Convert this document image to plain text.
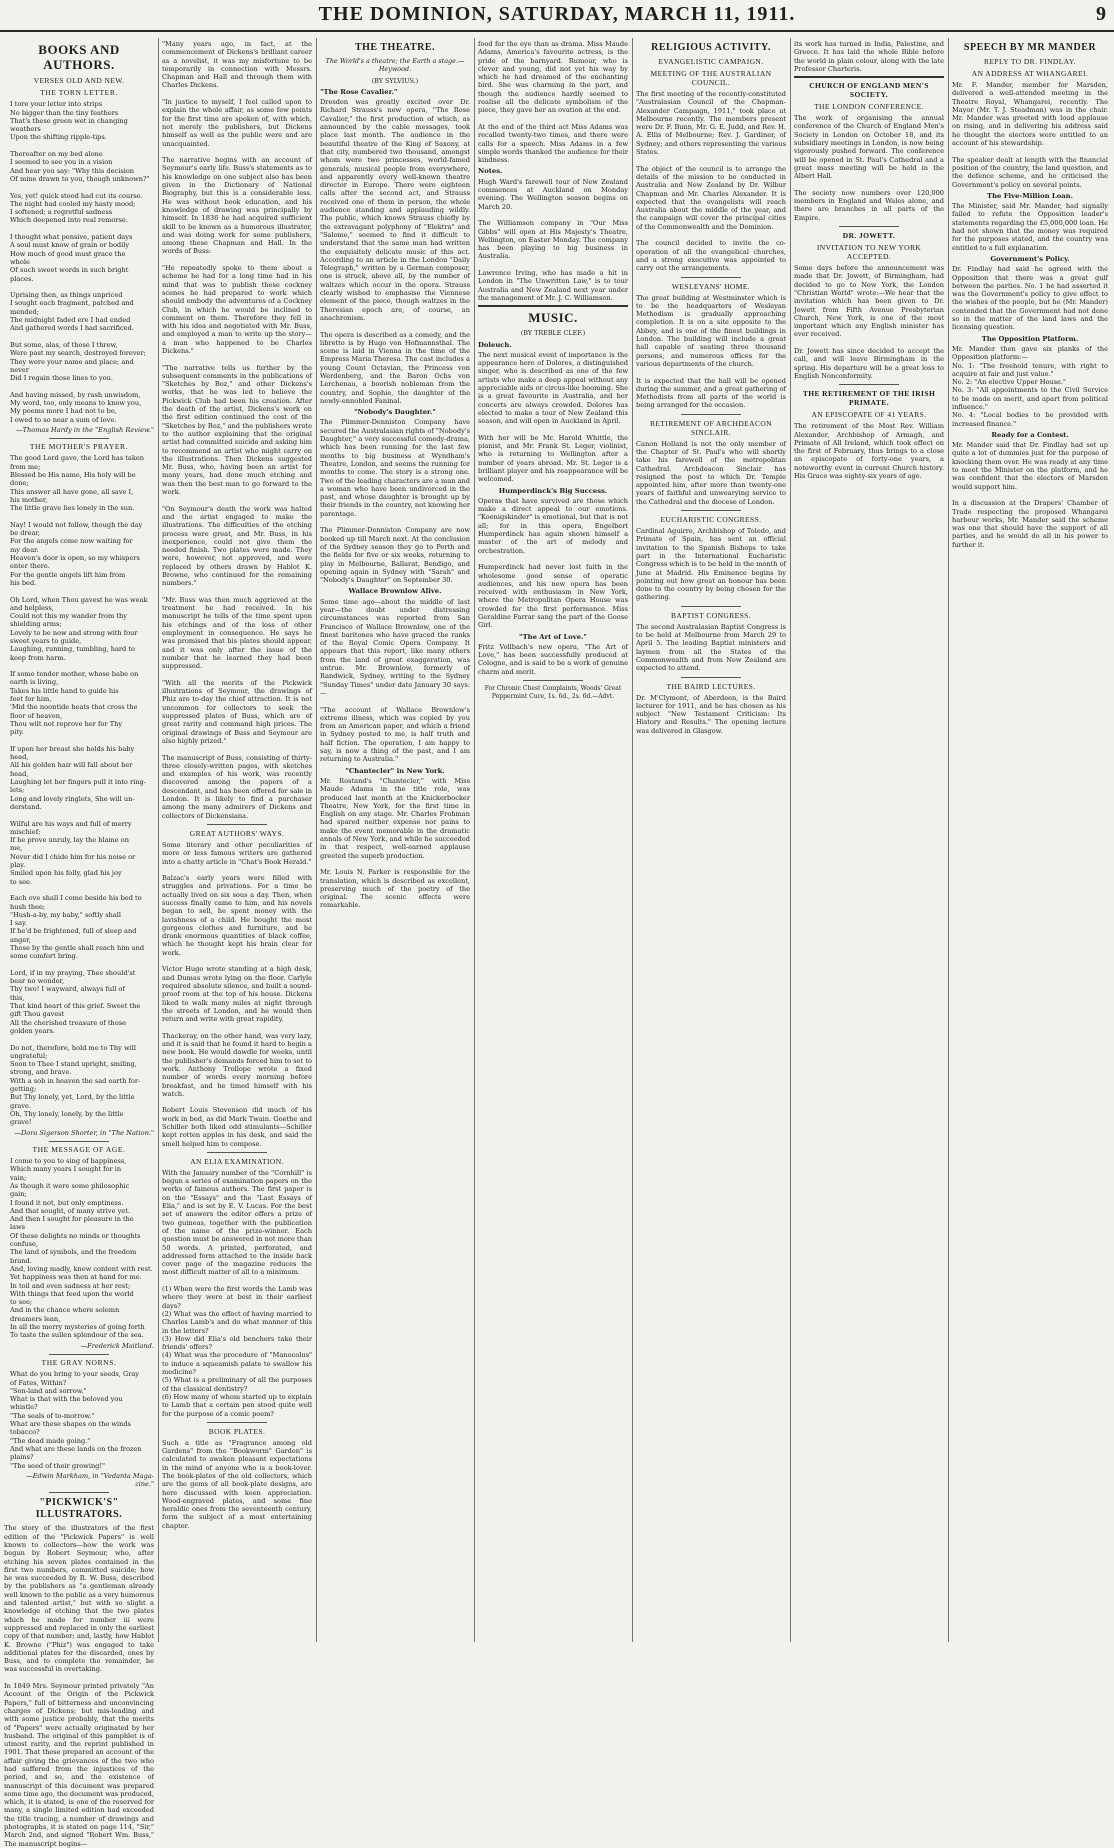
THE DOMINION, SATURDAY, MARCH 11, 1911.	9
BOOKS AND AUTHORS.
VERSES OLD AND NEW.
THE TORN LETTER.
I tore your letter into strips
No bigger than the tiny feathers
That's these green wet in changing
weathers
Upon the shifting ripple-tips.

Thereafter on my bed alone
I seemed to see you in a vision
And hear you say: "Why this decision
Of mine drawn to you, though unknown?"

Yes, yet! quick stood had cut its course.
The night had cooled my hasty mood;
I softened; a regretful sadness
Which deepened into real remorse.

I thought what pensive, patient days
A soul must know of grain or bodily
How much of good must grace the
whole
Of such sweet words in such bright
places.

Uprising then, as things unpriced
I sought each fragment, patched and
mended;
The midnight faded ere I had ended
And gathered words I had sacrificed.

But some, alas, of those I threw,
Were past my search, destroyed forever;
They were your name and place; and
never
Did I regain those lines to you.

And having missed, by rash unwisdom,
My word, too, only means to know you,
My poems more I had not to be,
I owed to so near a sum of love.
—Thomas Hardy in the "English Review."
THE MOTHER'S PRAYER.
The good Lord gave, the Lord has taken
from me;
Blessed be His name, His holy will be
done;
This answer all have gone, all save I,
his mother,
The little grave lies lonely in the sun.

Nay! I would not follow, though the day
be drear,
For the angels come now waiting for
my dear.
Heaven's door is open, so my whispers
enter there.
For the gentle angels lift him from
his bed.

Oh Lord, when Thou gavest he was weak
and helpless,
Could not this my wander from thy
shielding arms;
Lovely to be now and strong with four
sweet years to guide,
Laughing, running, tumbling, hard to
keep from harm.

If some tender mother, whose babe on
earth is living,
Takes his little hand to guide his
feet for him,
'Mid the noontide heats that cross the
floor of heaven,
Thou wilt not reprove her for Thy
pity.

If upon her breast she holds his baby
head,
All his golden hair will fall about her
head,
Laughing let her fingers pull it into ring-
lets;
Long and lovely ringlets, She will un-
derstand.

Wilful are his ways and full of merry
mischief;
If he prove unruly, lay the blame on
me,
Never did I chide him for his noise or
play.
Smiled upon his folly, glad his joy
to see.

Each eve shall I come beside his bed to
hush thee;
"Hush-a-by, my baby," softly shall
I say.
If he'd be frightened, full of sleep and
anger,
Those by the gentle shall reach him and
some comfort bring.

Lord, if in my praying, Thee should'st
bear no wonder,
Thy two! I wayward, always full of
this,
That kind heart of this grief. Sweet the
gift Thou gavest
All the cherished treasure of those
golden years.

Do not, therefore, hold me to Thy will
ungrateful;
Soon to Thee I stand upright, smiling,
strong, and brave.
With a sob in heaven the sad earth for-
getting;
But Thy lonely, yet, Lord, by the little
grave.
Oh, Thy lonely, lonely, by the little
grave!
—Dora Sigerson Shorter, in "The Nation."
THE MESSAGE OF AGE.
I come to you to sing of happiness,
Which many years I sought for in
vain;
As though it were some philosophic
gain;
I found it not, but only emptiness.
And that sought, of many strive yet.
And then I sought for pleasure in the
laws
Of these delights no minds or thoughts
confuse,
The land of symbols, and the freedom
brand.
And, loving madly, knew content with rest.
Yet happiness was then at hand for me.
In toil and even sadness at her rest;
With things that feed upon the world
to see;
And in the chance where solemn
dreamers lean,
In all the merry mysteries of going forth
To taste the sullen splendour of the sea.
—Frederick Maitland.
THE GRAY NORNS.
What do you bring to your seeds, Gray
of Fates, Within?
"Son-land and sorrow."
What is that with the beloved you
whistle?
"The seals of to-morrow."
What are these shapes on the winds
tobacco?
"The dead made going."
And what are these lands on the frozen
plains?
"The seed of their growing!"
—Edwin Markham, in "Vedanta Maga-
zine."
"PICKWICK'S" ILLUSTRATORS.
The story of the illustrators of the first edition of the "Pickwick Papers" is well known to collectors—how the work was begun by Robert Seymour, who, after etching his seven plates contained in the first two numbers, committed suicide; how he was succeeded by R. W. Buss, described by the publishers as "a gentleman already well known to the public as a very humorous and talented artist," but with so slight a knowledge of etching that the two plates which he made for number iii were suppressed and replaced in only the earliest copy of that number; and, lastly, how Hablot K. Browne ("Phiz") was engaged to take additional plates for the discarded, ones by Buss, and to complete the remainder, he was successful in overtaking.

In 1849 Mrs. Seymour printed privately "An Account of the Origin of the Pickwick Papers," full of bitterness and unconvincing charges of Dickens; but mis-leading and with some justice probably, that the merits of "Papers" were actually originated by her husband. The original of this pamphlet is of utmost rarity, and the reprint published in 1901. That these prepared an account of the affair giving the grievances of the two who had suffered from the injustices of the period, and so, and the existence of manuscript of this document was prepared some time ago, the document was produced, which, it is stated, is one of the reserved for many, a single limited edition had exceeded the title tracing, a number of drawings and photographs, it is stated on page 114, "Sir," March 2nd, and signed "Robert Wm. Buss," The manuscript begins—
"Many years ago, in fact, at the commencement of Dickens's brilliant career as a novelist, it was my misfortune to be temporarily in connection with Messrs. Chapman and Hall and through them with Charles Dickens.

"In justice to myself, I feel called upon to explain the whole affair, as some few points for the first time are spoken of, with which, not merely the publishers, but Dickens himself as well as the public were and are unacquainted.

The narrative begins with an account of Seymour's early life. Buss's statements as to his knowledge on one subject also has been given in the Dictionary of National Biography, but this is a considerable less. He was without book education, and his knowledge of drawing was principally by himself. In 1836 he had acquired sufficient skill to be known as a humorous illustrator, and was doing work for some publishers, among these Chapman and Hall. In the words of Buss:

"He repeatedly spoke to them about a scheme he had for a long time had in his mind that was to publish these cockney scenes he had prepared to work which should embody the adventures of a Cockney Club, in which he would be inclined to comment on them. Therefore they fell in with his idea and negotiated with Mr. Buss, and employed a man to write up the story—a man who happened to be Charles Dickens."

"The narrative tells us further by the subsequent comments in the publications of "Sketches by Boz," and other Dickens's works, that he was led to believe the Pickwick Club had been his creation. After the death of the artist, Dickens's work on the first edition continued the cost of the "Sketches by Boz," and the publishers wrote to the author explaining that the original artist had committed suicide and asking him to recommend an artist who might carry on the illustrations. Then Dickens suggested Mr. Buss, who, having been an artist for many years, had done much etching and was then the best man to go forward to the work.

"On Seymour's death the work was halted and the artist engaged to make the illustrations. The difficulties of the etching process were great, and Mr. Buss, in his inexperience, could not give them the needed finish. Two plates were made. They were, however, not approved, and were replaced by others drawn by Hablot K. Browne, who continued for the remaining numbers."

"Mr. Buss was then much aggrieved at the treatment he had received. In his manuscript he tells of the time spent upon his etchings and of the loss of other employment in consequence. He says he was promised that his plates should appear, and it was only after the issue of the number that he learned they had been suppressed.

"With all the merits of the Pickwick illustrations of Seymour, the drawings of Phiz are to-day the chief attraction. It is not uncommon for collectors to seek the suppressed plates of Buss, which are of great rarity and command high prices. The original drawings of Buss and Seymour are also highly prized."

The manuscript of Buss, consisting of thirty-three closely-written pages, with sketches and examples of his work, was recently discovered among the papers of a descendant, and has been offered for sale in London. It is likely to find a purchaser among the many admirers of Dickens and collectors of Dickensiana.
GREAT AUTHORS' WAYS.
Some literary and other peculiarities of more or less famous writers are gathered into a chatty article in "Chat's Book Herald."

Balzac's early years were filled with struggles and privations. For a time he actually lived on six sous a day. Then, when success finally came to him, and his novels began to sell, he spent money with the lavishness of a child. He bought the most gorgeous clothes and furniture, and he drank enormous quantities of black coffee, which he thought kept his brain clear for work.

Victor Hugo wrote standing at a high desk, and Dumas wrote lying on the floor. Carlyle required absolute silence, and built a sound-proof room at the top of his house. Dickens liked to walk many miles at night through the streets of London, and he would then return and write with great rapidity.

Thackeray, on the other hand, was very lazy, and it is said that he found it hard to begin a new book. He would dawdle for weeks, until the publisher's demands forced him to set to work. Anthony Trollope wrote a fixed number of words every morning before breakfast, and he timed himself with his watch.

Robert Louis Stevenson did much of his work in bed, as did Mark Twain. Goethe and Schiller both liked odd stimulants—Schiller kept rotten apples in his desk, and said the smell helped him to compose.
AN ELIA EXAMINATION.
With the January number of the "Cornhill" is begun a series of examination papers on the works of famous authors. The first paper is on the "Essays" and the "Last Essays of Elia," and is set by E. V. Lucas. For the best set of answers the editor offers a prize of two guineas, together with the publication of the name of the prize-winner. Each question must be answered in not more than 50 words. A printed, perforated, and addressed form attached to the inside back cover page of the magazine reduces the most difficult matter of all to a minimum.

(1) When were the first words the Lamb was where they were at best in their earliest days?
(2) What was the effect of having married to Charles Lamb's and do what manner of this in the letters?
(3) How did Elia's old benchers take their friends' offers?
(4) What was the procedure of "Manocolus" to induce a squeamish palate to swallow his medicine?
(5) What is a preliminary of all the purposes of the classical dentistry?
(6) How many of whom started up to explain to Lamb that a certain pen stood quite well for the purpose of a comic poem?
BOOK PLATES.
Such a title as "Fragrance among old Gardens" from the "Bookworm" Garden" is calculated to awaken pleasant expectations in the mind of anyone who is a book-lover. The book-plates of the old collectors, which are the gems of all book-plate designs, are here discussed with keen appreciation. Wood-engraved plates, and some fine heraldic ones from the seventeenth century, form the subject of a most entertaining chapter.
THE THEATRE.
The World's a theatre; the Earth a stage.—Heywood.
(BY SYLVIUS.)
"The Rose Cavalier."
Dresden was greatly excited over Dr. Richard Strauss's new opera, "The Rose Cavalier," the first production of which, as announced by the cable messages, took place last month. The audience in the beautiful theatre of the King of Saxony, at that city, numbered two thousand, amongst whom were two princesses, world-famed generals, musical people from everywhere, and apparently every well-known theatre director in Europe. There were eighteen calls after the second act, and Strauss received one of them in person, the whole audience standing and applauding wildly. The public, which knows Strauss chiefly by the extravagant polyphony of "Elektra" and "Salome," seemed to find it difficult to understand that the same man had written the exquisitely delicate music of this act. According to an article in the London "Daily Telegraph," written by a German composer, one is struck, above all, by the number of waltzes which occur in the opera. Strauss clearly wished to emphasise the Viennese element of the piece, though waltzes in the Theresian epoch are, of course, an anachronism.

The opera is described as a comedy, and the libretto is by Hugo von Hofmannsthal. The scene is laid in Vienna in the time of the Empress Maria Theresa. The cast includes a young Count Octavian, the Princess von Werdenberg, and the Baron Ochs von Lerchenau, a boorish nobleman from the country, and Sophie, the daughter of the newly-ennobled Faninal.
"Nobody's Daughter."
The Plimmer-Denniston Company have secured the Australasian rights of "Nobody's Daughter," a very successful comedy-drama, which has been running for the last few months to big business at Wyndham's Theatre, London, and seems the running for months to come. The story is a strong one. Two of the leading characters are a man and a woman who have been undivorced in the past, and whose daughter is brought up by their friends in the country, not knowing her parentage.

The Plimmer-Denniston Company are now booked up till March next. At the conclusion of the Sydney season they go to Perth and the fields for five or six weeks, returning to play in Melbourne, Ballarat, Bendigo, and opening again in Sydney with "Sarah" and "Nobody's Daughter" on September 30.
Wallace Brownlow Alive.
Some time ago—about the middle of last year—the doubt under distressing circumstances was reported from San Francisco of Wallace Brownlow, one of the finest baritones who have graced the ranks of the Royal Comic Opera Company. It appears that this report, like many others from the land of great exaggeration, was untrue. Mr. Brownlow, formerly of Randwick, Sydney, writing to the Sydney "Sunday Times" under date January 30 says:—

"The account of Wallace Brownlow's extreme illness, which was copied by you from an American paper, and which a friend in Sydney posted to me, is half truth and half fiction. The operation, I am happy to say, is now a thing of the past, and I am returning to Australia."
"Chantecler" in New York.
Mr. Rostand's "Chantecler," with Miss Maude Adams in the title role, was produced last month at the Knickerbocker Theatre, New York, for the first time in English on any stage. Mr. Charles Frohman had spared neither expense nor pains to make the event memorable in the dramatic annals of New York, and while he succeeded in that respect, well-earned applause greeted the superb production.

Mr. Louis N. Parker is responsible for the translation, which is described as excellent, preserving much of the poetry of the original. The scenic effects were remarkable.
food for the eye than as drama. Miss Maude Adams, America's favourite actress, is the pride of the barnyard. Rumour, who is clever and young, did not yet his way by which he had dreamed of the enchanting bird. She was charming in the part, and though the audience hardly seemed to realise all the delicate symbolism of the piece, they gave her an ovation at the end.

At the end of the third act Miss Adams was recalled twenty-two times, and there were calls for a speech. Miss Adams in a few simple words thanked the audience for their kindness.
Notes.
Hugh Ward's farewell tour of New Zealand commences at Auckland on Monday evening. The Wellington season begins on March 20.

The Williamson company in "Our Miss Gibbs" will open at His Majesty's Theatre, Wellington, on Easter Monday. The company has been playing to big business in Australia.

Lawrence Irving, who has made a hit in London in "The Unwritten Law," is to tour Australia and New Zealand next year under the management of Mr. J. C. Williamson.
MUSIC.
(BY TREBLE CLEF.)
Doleuch.
The next musical event of importance is the appearance here of Dolores, a distinguished singer, who is described as one of the few artists who make a deep appeal without any appreciable aids or circus-like booming. She is a great favourite in Australia, and her concerts are always crowded. Dolores has elected to make a tour of New Zealand this season, and will open in Auckland in April.

With her will be Mr. Harold Whittle, the pianist, and Mr. Frank St. Leger, violinist, who is returning to Wellington after a number of years abroad. Mr. St. Leger is a brilliant player and his reappearance will be welcomed.
Humperdinck's Big Success.
Operas that have survived are those which make a direct appeal to our emotions. "Koenigskinder" is emotional, but that is not all; for in this opera, Engelbert Humperdinck has again shown himself a master of the art of melody and orchestration.

Humperdinck had never lost faith in the wholesome good sense of operatic audiences, and his new opera has been received with enthusiasm in New York, where the Metropolitan Opera House was crowded for the first performance. Miss Geraldine Farrar sang the part of the Goose Girl.
"The Art of Love."
Fritz Vollbach's new opera, "The Art of Love," has been successfully produced at Cologne, and is said to be a work of genuine charm and merit.
For Chronic Chest Complaints, Woods' Great Peppermint Cure, 1s. 6d., 2s. 6d.—Advt.
RELIGIOUS ACTIVITY.
EVANGELISTIC CAMPAIGN.
MEETING OF THE AUSTRALIAN COUNCIL.
The first meeting of the recently-constituted "Australasian Council of the Chapman-Alexander Campaign, 1911," took place at Melbourne recently. The members present were Dr. F. Bunn, Mr. G. E. Judd, and Rev. H. A. Ellis of Melbourne; Rev. J. Gardiner, of Sydney; and others representing the various States.

The object of the council is to arrange the details of the mission to be conducted in Australia and New Zealand by Dr. Wilbur Chapman and Mr. Charles Alexander. It is expected that the evangelists will reach Australia about the middle of the year, and the campaign will cover the principal cities of the Commonwealth and the Dominion.

The council decided to invite the co-operation of all the evangelical churches, and a strong executive was appointed to carry out the arrangements.
WESLEYANS' HOME.
The great building at Westminster which is to be the headquarters of Wesleyan Methodism is gradually approaching completion. It is on a site opposite to the Abbey, and is one of the finest buildings in London. The building will include a great hall capable of seating three thousand persons, and numerous offices for the various departments of the church.

It is expected that the hall will be opened during the summer, and a great gathering of Methodists from all parts of the world is being arranged for the occasion.
RETIREMENT OF ARCHDEACON SINCLAIR.
Canon Holland is not the only member of the Chapter of St. Paul's who will shortly take his farewell of the metropolitan Cathedral. Archdeacon Sinclair has resigned the post to which Dr. Temple appointed him, after more than twenty-one years of faithful and unwearying service to the Cathedral and the diocese of London.
EUCHARISTIC CONGRESS.
Cardinal Aguirre, Archbishop of Toledo, and Primate of Spain, has sent an official invitation to the Spanish Bishops to take part in the International Eucharistic Congress which is to be held in the month of June at Madrid. His Eminence begins by pointing out how great an honour has been done to the country by being chosen for the gathering.
BAPTIST CONGRESS.
The second Australasian Baptist Congress is to be held at Melbourne from March 29 to April 5. The leading Baptist ministers and laymen from all the States of the Commonwealth and from New Zealand are expected to attend.
THE BAIRD LECTURES.
Dr. M'Clymont, of Aberdeen, is the Baird lecturer for 1911, and he has chosen as his subject "New Testament Criticism: Its History and Results." The opening lecture was delivered in Glasgow.
its work has turned in India, Palestine, and Greece. It has laid the whole Bible before the world in plain colour, along with the late Professor Charteris.
CHURCH OF ENGLAND MEN'S SOCIETY.
THE LONDON CONFERENCE.
The work of organising the annual conference of the Church of England Men's Society in London on October 18, and its subsidiary meetings in London, is now being vigorously pushed forward. The conference will be opened in St. Paul's Cathedral and a great mass meeting will be held in the Albert Hall.

The society now numbers over 120,000 members in England and Wales alone, and there are branches in all parts of the Empire.
DR. JOWETT.
INVITATION TO NEW YORK ACCEPTED.
Some days before the announcement was made that Dr. Jowett, of Birmingham, had decided to go to New York, the London "Christian World" wrote:—We hear that the invitation which has been given to Dr. Jowett from Fifth Avenue Presbyterian Church, New York, is one of the most important which any English minister has ever received.

Dr. Jowett has since decided to accept the call, and will leave Birmingham in the spring. His departure will be a great loss to English Nonconformity.
THE RETIREMENT OF THE IRISH PRIMATE.
AN EPISCOPATE OF 41 YEARS.
The retirement of the Most Rev. William Alexander, Archbishop of Armagh, and Primate of All Ireland, which took effect on the first of February, thus brings to a close an episcopate of forty-one years, a noteworthy event in current Church history. His Grace was eighty-six years of age.
SPEECH BY MR MANDER
REPLY TO DR. FINDLAY.
AN ADDRESS AT WHANGAREI.
Mr. F. Mander, member for Marsden, delivered a well-attended meeting in the Theatre Royal, Whangarei, recently. The Mayor (Mr. T. J. Steadman) was in the chair. Mr. Mander was greeted with loud applause on rising, and in delivering his address said he thought the electors were entitled to an account of his stewardship.

The speaker dealt at length with the financial position of the country, the land question, and the defence scheme, and he criticised the Government's policy on several points.
The Five-Million Loan.
The Minister, said Mr. Mander, had signally failed to refute the Opposition leader's statements regarding the £5,000,000 loan. He had not shown that the money was required for the purposes stated, and the country was entitled to a full explanation.
Government's Policy.
Dr. Findlay had said he agreed with the Opposition that there was a great gulf between the parties. No. 1 he had asserted it was the Government's policy to give effect to the wishes of the people, but he (Mr. Mander) contended that the Government had not done so in the matter of the land laws and the licensing question.
The Opposition Platform.
Mr. Mander then gave six planks of the Opposition platform:—
No. 1: "The freehold tenure, with right to acquire at fair and just value."
No. 2: "An elective Upper House."
No. 3: "All appointments to the Civil Service to be made on merit, and apart from political influence."
No. 4: "Local bodies to be provided with increased finance."
Ready for a Contest.
Mr. Mander said that Dr. Findlay had set up quite a lot of dummies just for the purpose of knocking them over. He was ready at any time to meet the Minister on the platform, and he was confident that the electors of Marsden would support him.

In a discussion at the Drapers' Chamber of Trade respecting the proposed Whangarei harbour works, Mr. Mander said the scheme was one that should have the support of all parties, and he would do all in his power to further it.
